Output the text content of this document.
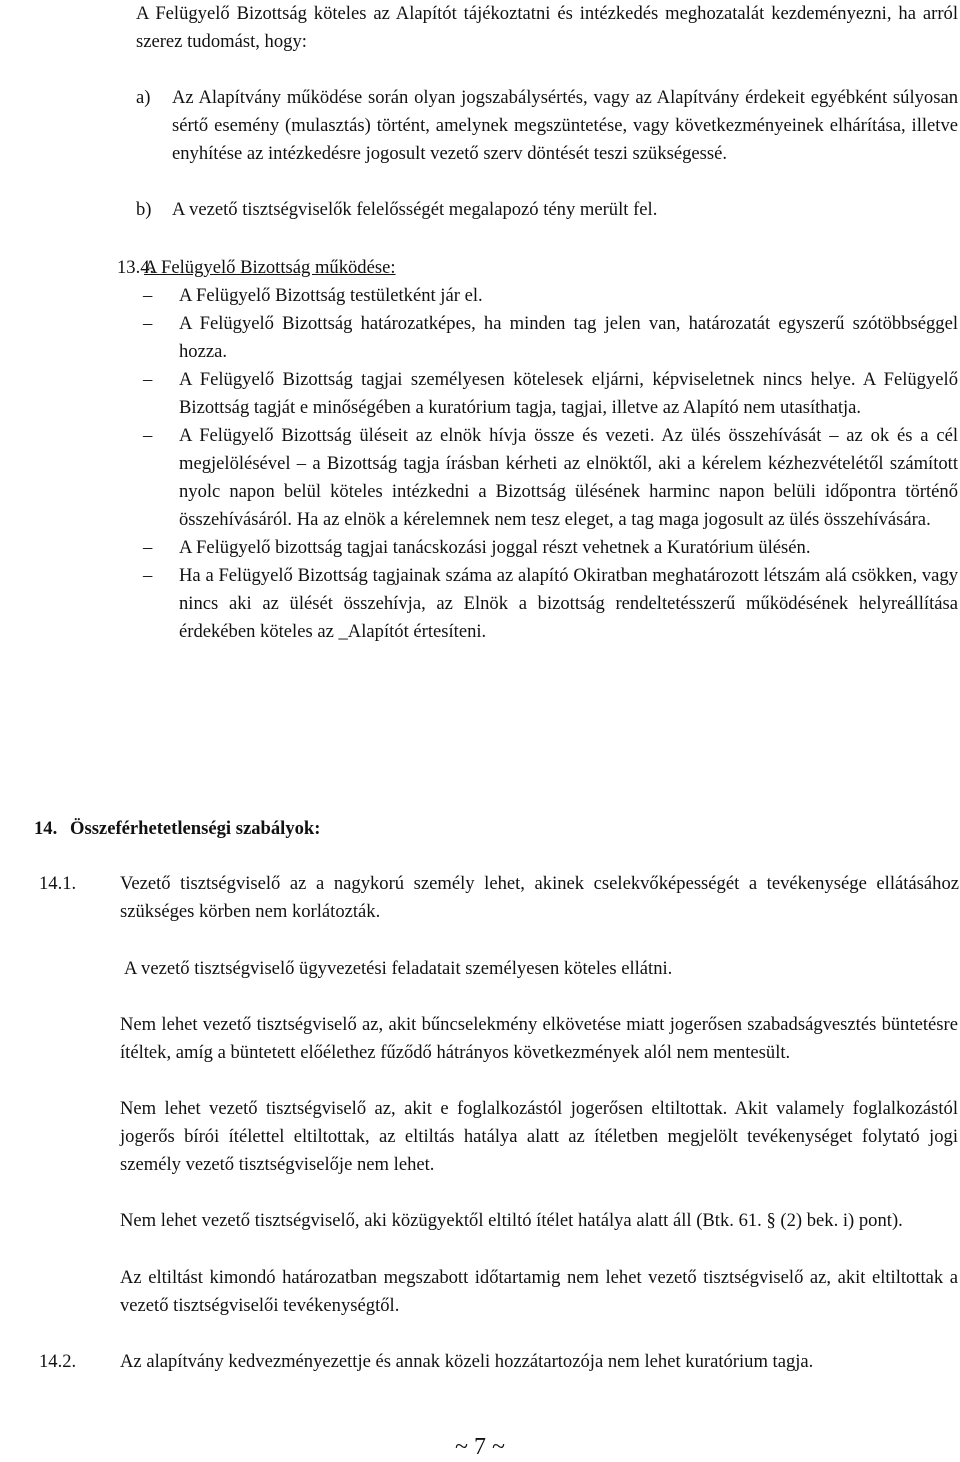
A Felügyelő Bizottság köteles az Alapítót tájékoztatni és intézkedés meghozatalát kezdeményezni, ha arról szerez tudomást, hogy:

a) Az Alapítvány működése során olyan jogszabálysértés, vagy az Alapítvány érdekeit egyébként súlyosan sértő esemény (mulasztás) történt, amelynek megszüntetése, vagy következményeinek elhárítása, illetve enyhítése az intézkedésre jogosult vezető szerv döntését teszi szükségessé.

b) A vezető tisztségviselők felelősségét megalapozó tény merült fel.

13.4.
A Felügyelő Bizottság működése:
– A Felügyelő Bizottság testületként jár el.

– A Felügyelő Bizottság határozatképes, ha minden tag jelen van, határozatát egyszerű szótöbbséggel hozza.

– A Felügyelő Bizottság tagjai személyesen kötelesek eljárni, képviseletnek nincs helye. A Felügyelő Bizottság tagját e minőségében a kuratórium tagja, tagjai, illetve az Alapító nem utasíthatja.

– A Felügyelő Bizottság üléseit az elnök hívja össze és vezeti. Az ülés összehívását – az ok és a cél megjelölésével – a Bizottság tagja írásban kérheti az elnöktől, aki a kérelem kézhezvételétől számított nyolc napon belül köteles intézkedni a Bizottság ülésének harminc napon belüli időpontra történő összehívásáról. Ha az elnök a kérelemnek nem tesz eleget, a tag maga jogosult az ülés összehívására.

– A Felügyelő bizottság tagjai tanácskozási joggal részt vehetnek a Kuratórium ülésén.

– Ha a Felügyelő Bizottság tagjainak száma az alapító Okiratban meghatározott létszám alá csökken, vagy nincs aki az ülését összehívja, az Elnök a bizottság rendeltetésszerű működésének helyreállítása érdekében köteles az _Alapítót értesíteni.

14. Összeférhetetlenségi szabályok:
14.1. Vezető tisztségviselő az a nagykorú személy lehet, akinek cselekvőképességét a tevékenysége ellátásához szükséges körben nem korlátozták.

A vezető tisztségviselő ügyvezetési feladatait személyesen köteles ellátni.

Nem lehet vezető tisztségviselő az, akit bűncselekmény elkövetése miatt jogerősen szabadságvesztés büntetésre ítéltek, amíg a büntetett előélethez fűződő hátrányos következmények alól nem mentesült.

Nem lehet vezető tisztségviselő az, akit e foglalkozástól jogerősen eltiltottak. Akit valamely foglalkozástól jogerős bírói ítélettel eltiltottak, az eltiltás hatálya alatt az ítéletben megjelölt tevékenységet folytató jogi személy vezető tisztségviselője nem lehet.

Nem lehet vezető tisztségviselő, aki közügyektől eltiltó ítélet hatálya alatt áll (Btk. 61. § (2) bek. i) pont).

Az eltiltást kimondó határozatban megszabott időtartamig nem lehet vezető tisztségviselő az, akit eltiltottak a vezető tisztségviselői tevékenységtől.

14.2. Az alapítvány kedvezményezettje és annak közeli hozzátartozója nem lehet kuratórium tagja.

~ 7 ~
